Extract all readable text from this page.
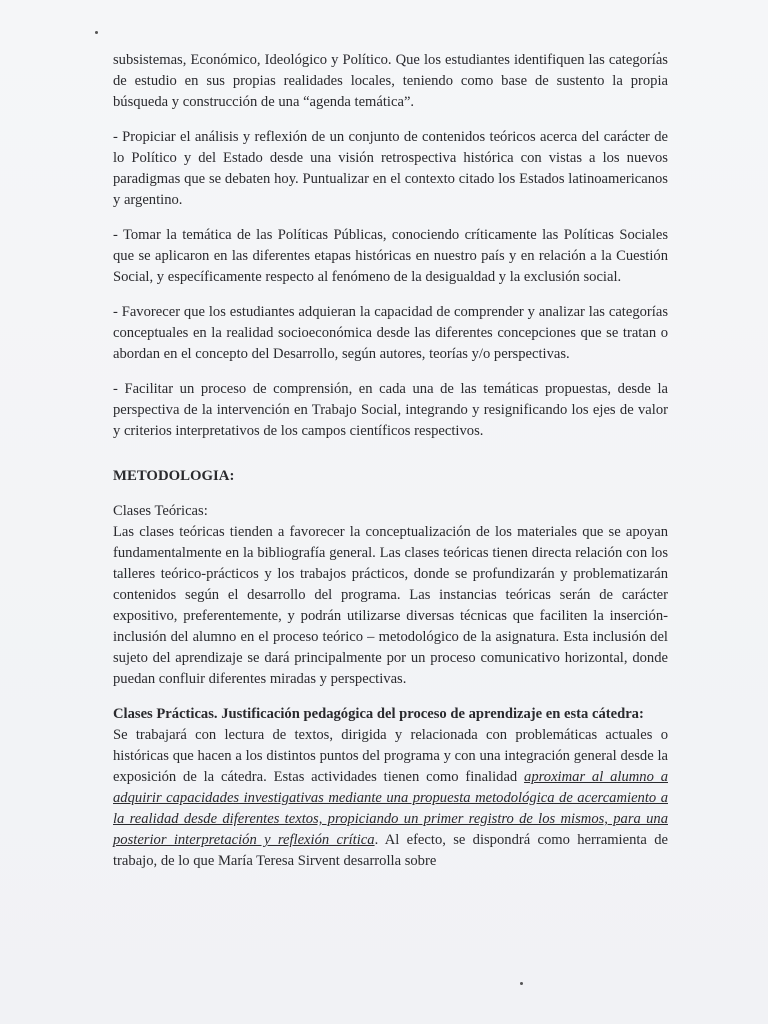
subsistemas, Económico, Ideológico y Político. Que los estudiantes identifiquen las categorías de estudio en sus propias realidades locales, teniendo como base de sustento la propia búsqueda y construcción de una “agenda temática”.

- Propiciar el análisis y reflexión de un conjunto de contenidos teóricos acerca del carácter de lo Político y del Estado desde una visión retrospectiva histórica con vistas a los nuevos paradigmas que se debaten hoy. Puntualizar en el contexto citado los Estados latinoamericanos y argentino.

- Tomar la temática de las Políticas Públicas, conociendo críticamente las Políticas Sociales que se aplicaron en las diferentes etapas históricas en nuestro país y en relación a la Cuestión Social, y específicamente respecto al fenómeno de la desigualdad y la exclusión social.

- Favorecer que los estudiantes adquieran la capacidad de comprender y analizar las categorías conceptuales en la realidad socioeconómica desde las diferentes concepciones que se tratan o abordan en el concepto del Desarrollo, según autores, teorías y/o perspectivas.

- Facilitar un proceso de comprensión, en cada una de las temáticas propuestas, desde la perspectiva de la intervención en Trabajo Social, integrando y resignificando los ejes de valor y criterios interpretativos de los campos científicos respectivos.

METODOLOGIA:

Clases Teóricas:

Las clases teóricas tienden a favorecer la conceptualización de los materiales que se apoyan fundamentalmente en la bibliografía general. Las clases teóricas tienen directa relación con los talleres teórico-prácticos y los trabajos prácticos, donde se profundizarán y problematizarán contenidos según el desarrollo del programa. Las instancias teóricas serán de carácter expositivo, preferentemente, y podrán utilizarse diversas técnicas que faciliten la inserción-inclusión del alumno en el proceso teórico – metodológico de la asignatura. Esta inclusión del sujeto del aprendizaje se dará principalmente por un proceso comunicativo horizontal, donde puedan confluir diferentes miradas y perspectivas.

Clases Prácticas. Justificación pedagógica del proceso de aprendizaje en esta cátedra:

Se trabajará con lectura de textos, dirigida y relacionada con problemáticas actuales o históricas que hacen a los distintos puntos del programa y con una integración general desde la exposición de la cátedra. Estas actividades tienen como finalidad aproximar al alumno a adquirir capacidades investigativas mediante una propuesta metodológica de acercamiento a la realidad desde diferentes textos, propiciando un primer registro de los mismos, para una posterior interpretación y reflexión crítica. Al efecto, se dispondrá como herramienta de trabajo, de lo que María Teresa Sirvent desarrolla sobre
